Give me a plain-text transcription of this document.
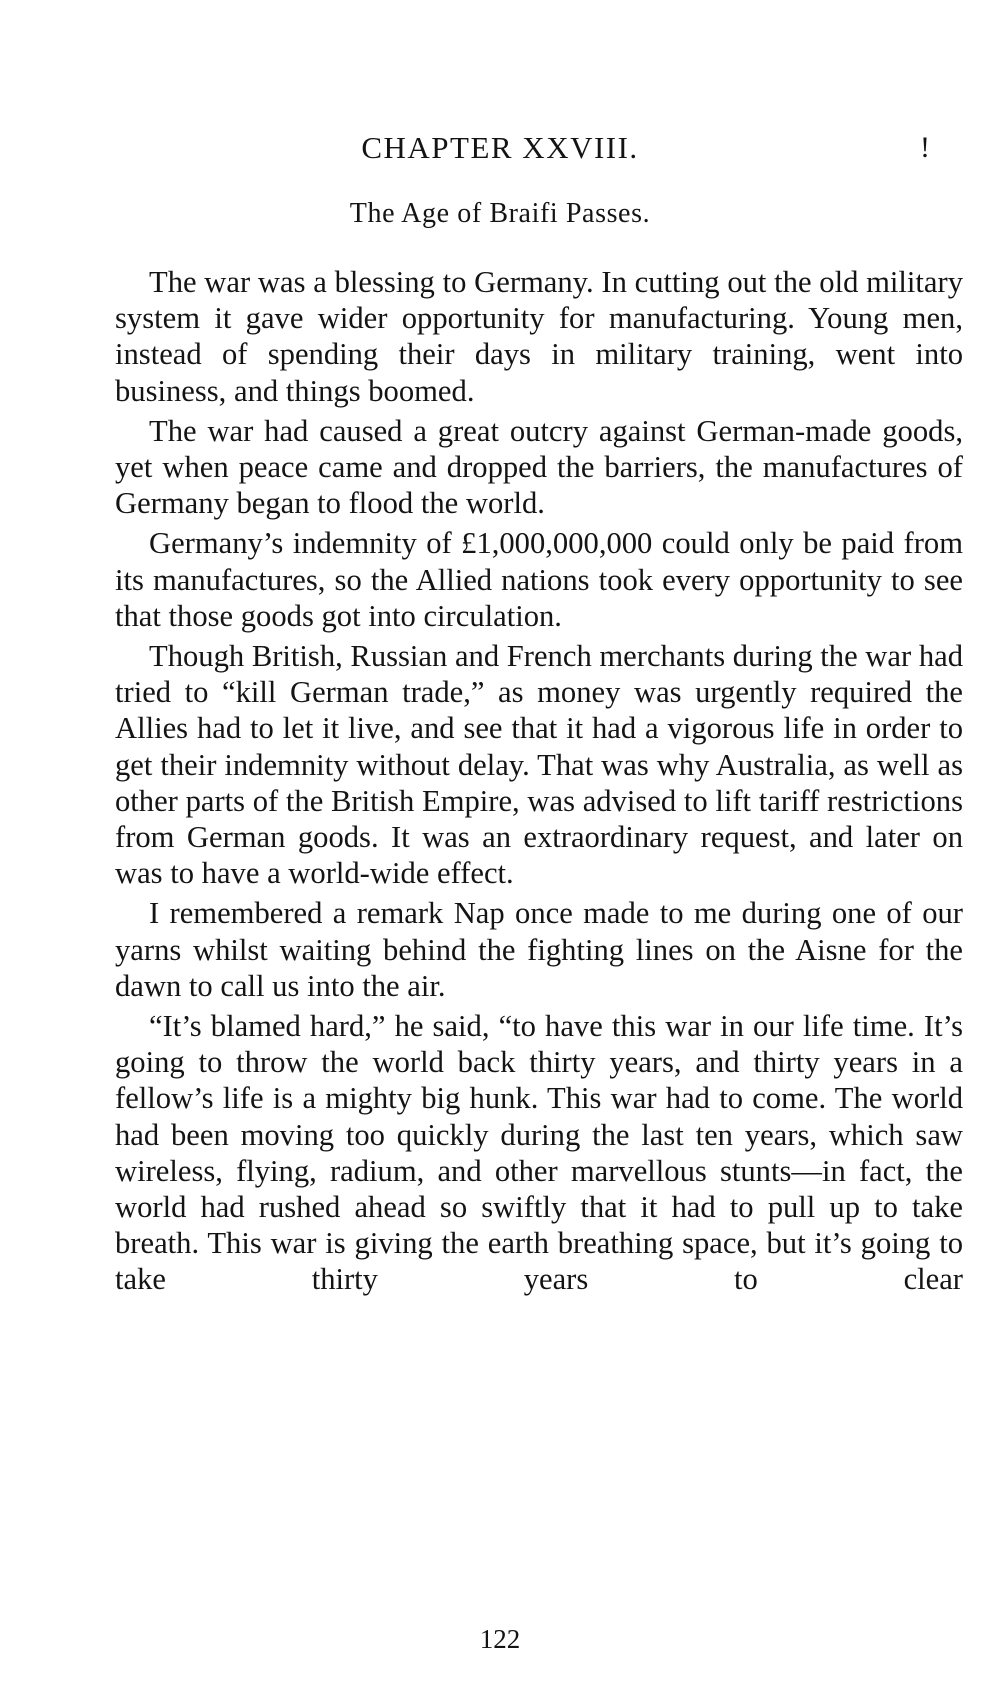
CHAPTER XXVIII.	!
The Age of Braifi Passes.

The war was a blessing to Germany. In cutting out the old military system it gave wider opportunity for manufacturing. Young men, instead of spending their days in military training, went into business, and things boomed.

The war had caused a great outcry against German-made goods, yet when peace came and dropped the barriers, the manufactures of Germany began to flood the world.

Germany’s indemnity of £1,000,000,000 could only be paid from its manufactures, so the Allied nations took every opportunity to see that those goods got into circulation.

Though British, Russian and French merchants during the war had tried to “kill German trade,” as money was urgently required the Allies had to let it live, and see that it had a vigorous life in order to get their indemnity without delay. That was why Australia, as well as other parts of the British Empire, was advised to lift tariff restrictions from German goods. It was an extraordinary request, and later on was to have a world-wide effect.

I remembered a remark Nap once made to me during one of our yarns whilst waiting behind the fighting lines on the Aisne for the dawn to call us into the air.

“It’s blamed hard,” he said, “to have this war in our life time. It’s going to throw the world back thirty years, and thirty years in a fellow’s life is a mighty big hunk. This war had to come. The world had been moving too quickly during the last ten years, which saw wireless, flying, radium, and other marvellous stunts—in fact, the world had rushed ahead so swiftly that it had to pull up to take breath. This war is giving the earth breathing space, but it’s going to take thirty years to clear

122
